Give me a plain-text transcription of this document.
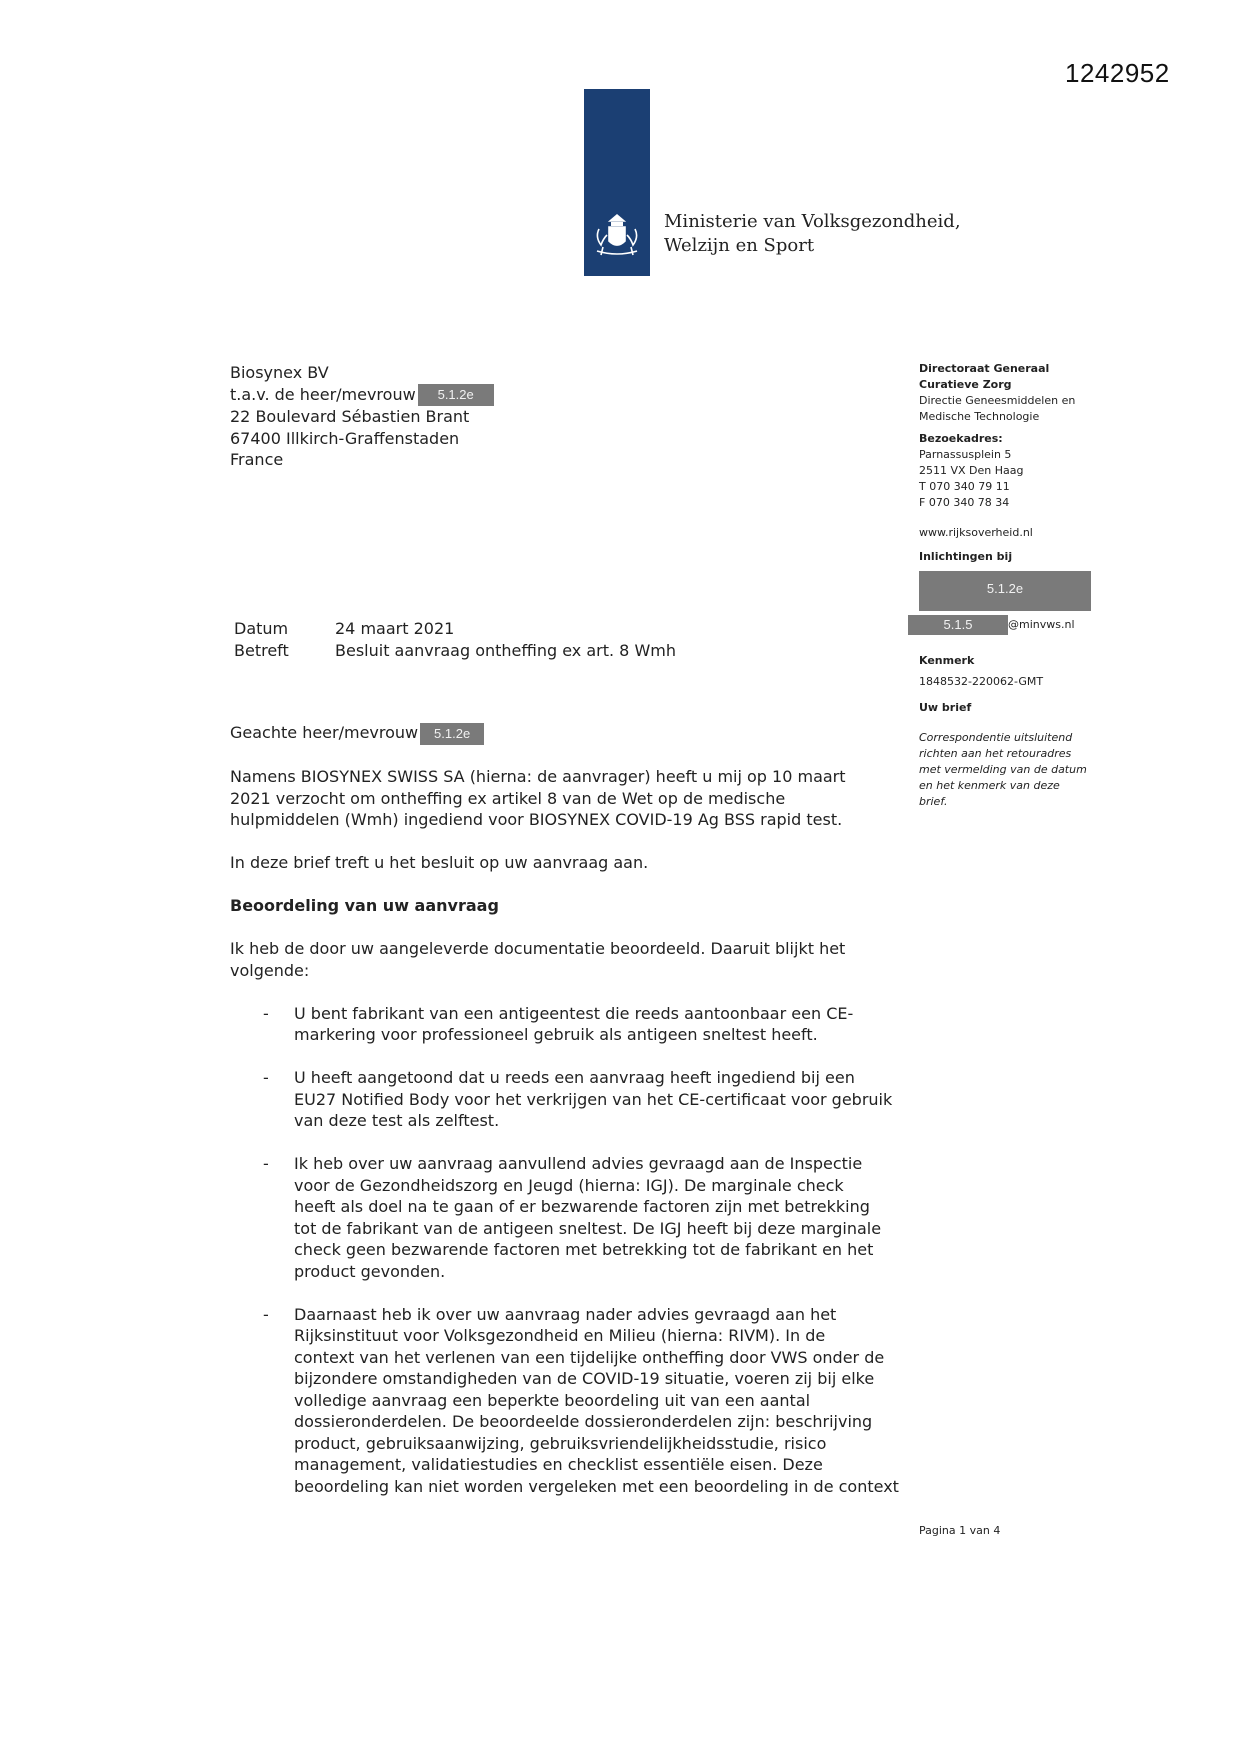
1242952
Ministerie van Volksgezondheid,
Welzijn en Sport
Biosynex BV
t.a.v. de heer/mevrouw 5.1.2e
22 Boulevard Sébastien Brant
67400 Illkirch-Graffenstaden
France
Directoraat Generaal
Curatieve Zorg
Directie Geneesmiddelen en
Medische Technologie
Bezoekadres:
Parnassusplein 5
2511 VX Den Haag
T 070 340 79 11
F 070 340 78 34
www.rijksoverheid.nl
Inlichtingen bij
5.1.2e
5.1.5	@minvws.nl
Kenmerk
1848532-220062-GMT
Uw brief
Correspondentie uitsluitend
richten aan het retouradres
met vermelding van de datum
en het kenmerk van deze
brief.
Datum	24 maart 2021
Betreft	Besluit aanvraag ontheffing ex art. 8 Wmh

Geachte heer/mevrouw 5.1.2e

Namens BIOSYNEX SWISS SA (hierna: de aanvrager) heeft u mij op 10 maart
2021 verzocht om ontheffing ex artikel 8 van de Wet op de medische
hulpmiddelen (Wmh) ingediend voor BIOSYNEX COVID-19 Ag BSS rapid test.

In deze brief treft u het besluit op uw aanvraag aan.

Beoordeling van uw aanvraag

Ik heb de door uw aangeleverde documentatie beoordeeld. Daaruit blijkt het
volgende:

- U bent fabrikant van een antigeentest die reeds aantoonbaar een CE-
markering voor professioneel gebruik als antigeen sneltest heeft.
- U heeft aangetoond dat u reeds een aanvraag heeft ingediend bij een
EU27 Notified Body voor het verkrijgen van het CE-certificaat voor gebruik
van deze test als zelftest.
- Ik heb over uw aanvraag aanvullend advies gevraagd aan de Inspectie
voor de Gezondheidszorg en Jeugd (hierna: IGJ). De marginale check
heeft als doel na te gaan of er bezwarende factoren zijn met betrekking
tot de fabrikant van de antigeen sneltest. De IGJ heeft bij deze marginale
check geen bezwarende factoren met betrekking tot de fabrikant en het
product gevonden.
- Daarnaast heb ik over uw aanvraag nader advies gevraagd aan het
Rijksinstituut voor Volksgezondheid en Milieu (hierna: RIVM). In de
context van het verlenen van een tijdelijke ontheffing door VWS onder de
bijzondere omstandigheden van de COVID-19 situatie, voeren zij bij elke
volledige aanvraag een beperkte beoordeling uit van een aantal
dossieronderdelen. De beoordeelde dossieronderdelen zijn: beschrijving
product, gebruiksaanwijzing, gebruiksvriendelijkheidsstudie, risico
management, validatiestudies en checklist essentiële eisen. Deze
beoordeling kan niet worden vergeleken met een beoordeling in de context
Pagina 1 van 4
